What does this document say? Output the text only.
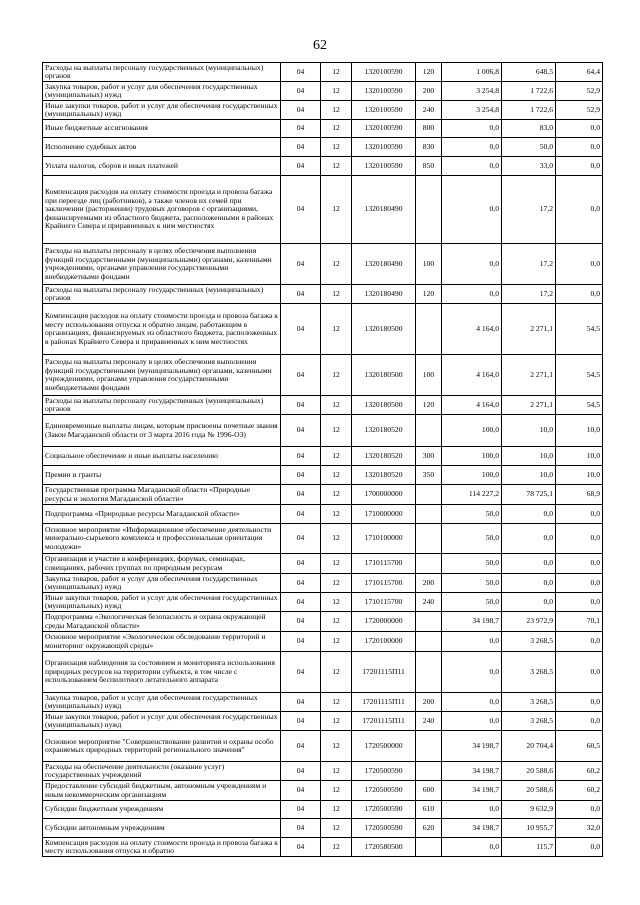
62
Расходы на выплаты персоналу государственных (муниципальных) органов	04	12	1320100590	120	1 006,8	648,5	64,4
Закупка товаров, работ и услуг для обеспечения государственных (муниципальных) нужд	04	12	1320100590	200	3 254,8	1 722,6	52,9
Иные закупки товаров, работ и услуг для обеспечения государственных (муниципальных) нужд	04	12	1320100590	240	3 254,8	1 722,6	52,9
Иные бюджетные ассигнования	04	12	1320100590	800	0,0	83,0	0,0
Исполнение судебных актов	04	12	1320100590	830	0,0	50,0	0,0
Уплата налогов, сборов и иных платежей	04	12	1320100590	850	0,0	33,0	0,0
Компенсация расходов на оплату стоимости проезда и провоза багажа при переезде лиц (работников), а также членов их семей при заключении (расторжении) трудовых договоров с организациями, финансируемыми из областного бюджета, расположенными в районах Крайнего Севера и приравненных к ним местностях	04	12	1320180490		0,0	17,2	0,0
Расходы на выплаты персоналу в целях обеспечения выполнения функций государственными (муниципальными) органами, казенными учреждениями, органами управления государственными внебюджетными фондами	04	12	1320180490	100	0,0	17,2	0,0
Расходы на выплаты персоналу государственных (муниципальных) органов	04	12	1320180490	120	0,0	17,2	0,0
Компенсация расходов на оплату стоимости проезда и провоза багажа к месту использования отпуска и обратно лицам, работающим в организациях, финансируемых из областного бюджета, расположенных в районах Крайнего Севера и приравненных к ним местностях	04	12	1320180500		4 164,0	2 271,1	54,5
Расходы на выплаты персоналу в целях обеспечения выполнения функций государственными (муниципальными) органами, казенными учреждениями, органами управления государственными внебюджетными фондами	04	12	1320180500	100	4 164,0	2 271,1	54,5
Расходы на выплаты персоналу государственных (муниципальных) органов	04	12	1320180500	120	4 164,0	2 271,1	54,5
Единовременные выплаты лицам, которым присвоены почетные звания (Закон Магаданской области от 3 марта 2016 года № 1996-ОЗ)	04	12	1320180520		100,0	10,0	10,0
Социальное обеспечение и иные выплаты населению	04	12	1320180520	300	100,0	10,0	10,0
Премии и гранты	04	12	1320180520	350	100,0	10,0	10,0
Государственная программа Магаданской области «Природные ресурсы и экология Магаданской области»	04	12	1700000000		114 227,2	78 725,1	68,9
Подпрограмма «Природные ресурсы Магаданской области»	04	12	1710000000		50,0	0,0	0,0
Основное мероприятие «Информационное обеспечение деятельности минерально-сырьевого комплекса и профессиональная ориентация молодежи»	04	12	1710100000		50,0	0,0	0,0
Организация и участие в конференциях, форумах, семинарах, совещаниях, рабочих группах по природным ресурсам	04	12	1710115700		50,0	0,0	0,0
Закупка товаров, работ и услуг для обеспечения государственных (муниципальных) нужд	04	12	1710115700	200	50,0	0,0	0,0
Иные закупки товаров, работ и услуг для обеспечения государственных (муниципальных) нужд	04	12	1710115700	240	50,0	0,0	0,0
Подпрограмма «Экологическая безопасность и охрана окружающей среды Магаданской области»	04	12	1720000000		34 198,7	23 972,9	70,1
Основное мероприятие «Экологическое обследование территорий и мониторинг окружающей среды»	04	12	1720100000		0,0	3 268,5	0,0
Организация наблюдения за состоянием и мониторинга использования природных ресурсов на территории субъекта, в том числе с использованием беспилотного летательного аппарата	04	12	17201115П11		0,0	3 268,5	0,0
Закупка товаров, работ и услуг для обеспечения государственных (муниципальных) нужд	04	12	17201115П11	200	0,0	3 268,5	0,0
Иные закупки товаров, работ и услуг для обеспечения государственных (муниципальных) нужд	04	12	17201115П11	240	0,0	3 268,5	0,0
Основное мероприятие "Совершенствование развития и охраны особо охраняемых природных территорий регионального значения"	04	12	1720500000		34 198,7	20 704,4	60,5
Расходы на обеспечение деятельности (оказание услуг) государственных учреждений	04	12	1720500590		34 198,7	20 588,6	60,2
Предоставление субсидий бюджетным, автономным учреждениям и иным некоммерческим организациям	04	12	1720500590	600	34 198,7	20 588,6	60,2
Субсидии бюджетным учреждениям	04	12	1720500590	610	0,0	9 632,9	0,0
Субсидии автономным учреждениям	04	12	1720500590	620	34 198,7	10 955,7	32,0
Компенсация расходов на оплату стоимости проезда и провоза багажа к месту использования отпуска и обратно	04	12	1720580500		0,0	115,7	0,0
